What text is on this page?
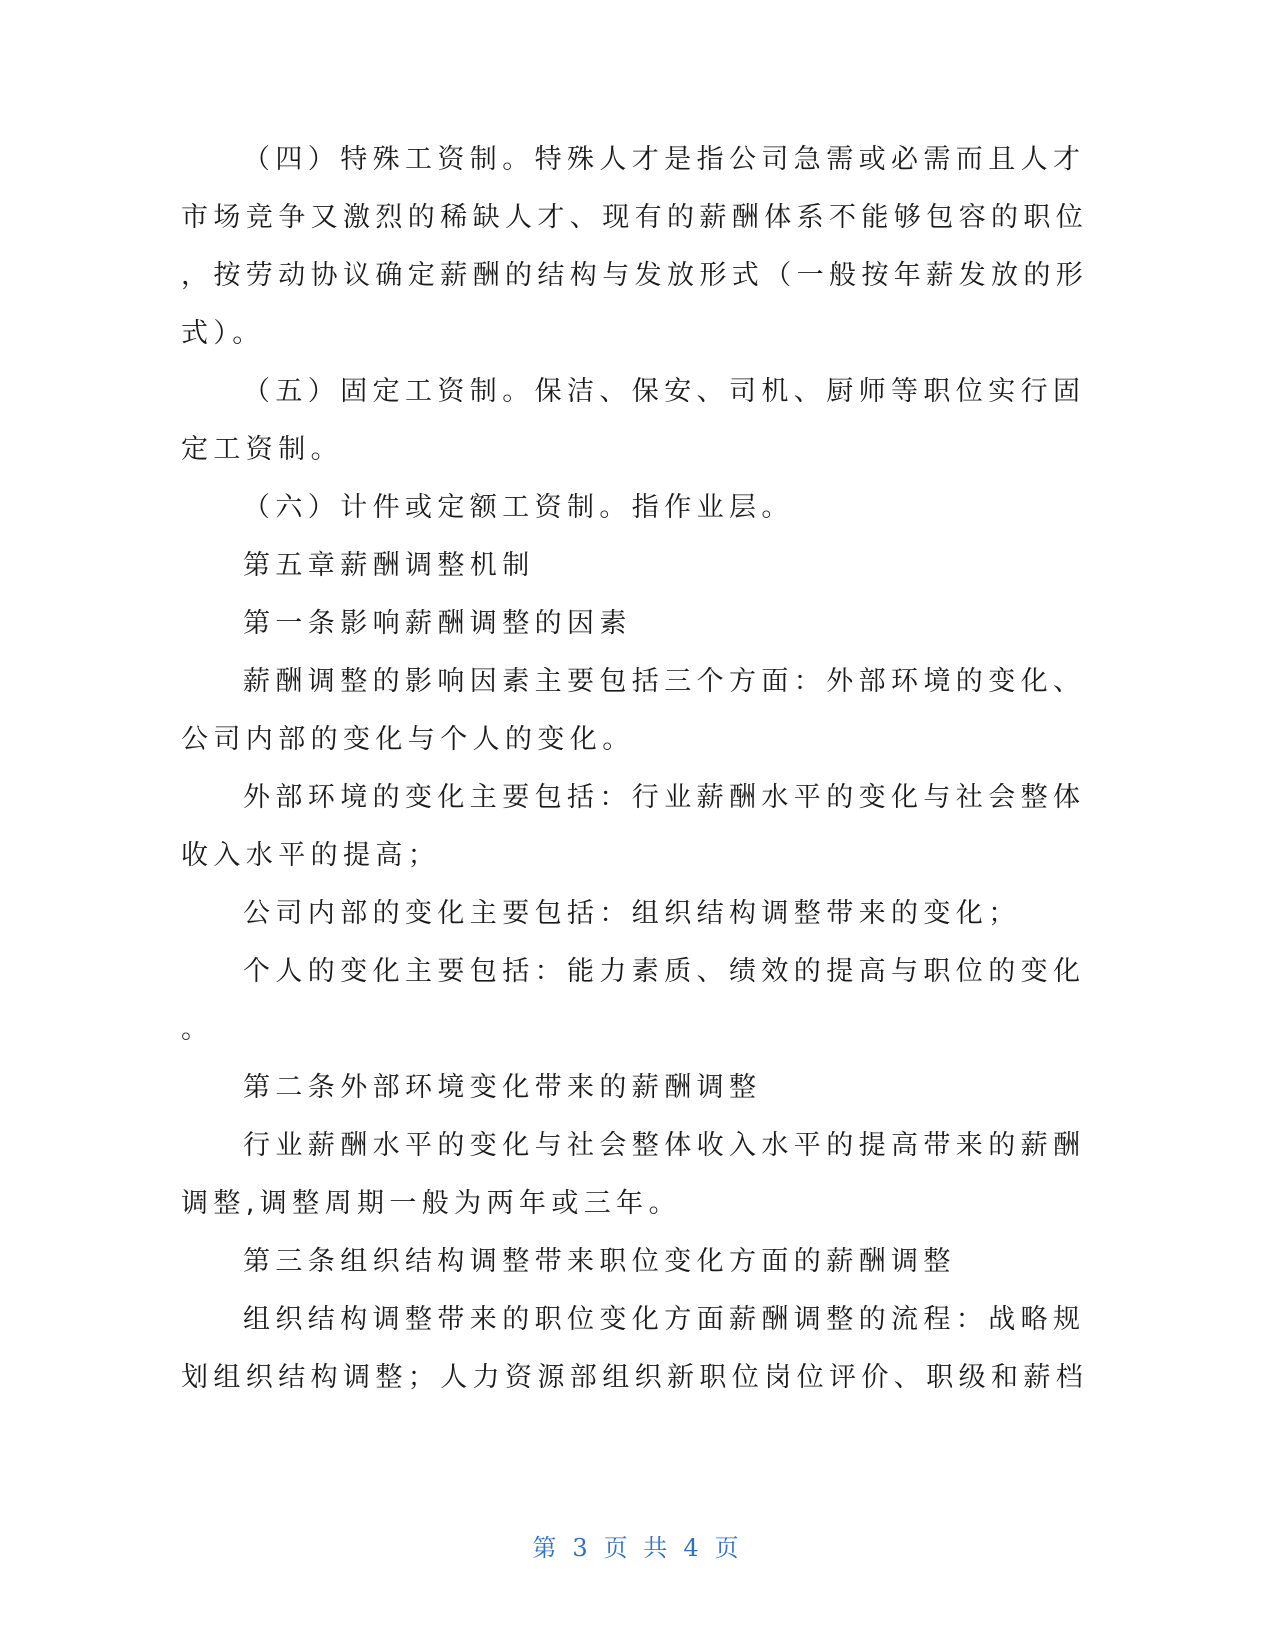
（四）特殊工资制。特殊人才是指公司急需或必需而且人才
市场竞争又激烈的稀缺人才、现有的薪酬体系不能够包容的职位
，按劳动协议确定薪酬的结构与发放形式（一般按年薪发放的形
式）。
（五）固定工资制。保洁、保安、司机、厨师等职位实行固
定工资制。
（六）计件或定额工资制。指作业层。
第五章薪酬调整机制
第一条影响薪酬调整的因素
薪酬调整的影响因素主要包括三个方面：外部环境的变化、
公司内部的变化与个人的变化。
外部环境的变化主要包括：行业薪酬水平的变化与社会整体
收入水平的提高；
公司内部的变化主要包括：组织结构调整带来的变化；
个人的变化主要包括：能力素质、绩效的提高与职位的变化
。
第二条外部环境变化带来的薪酬调整
行业薪酬水平的变化与社会整体收入水平的提高带来的薪酬
调整,调整周期一般为两年或三年。
第三条组织结构调整带来职位变化方面的薪酬调整
组织结构调整带来的职位变化方面薪酬调整的流程：战略规
划组织结构调整；人力资源部组织新职位岗位评价、职级和薪档
第 3 页 共 4 页
